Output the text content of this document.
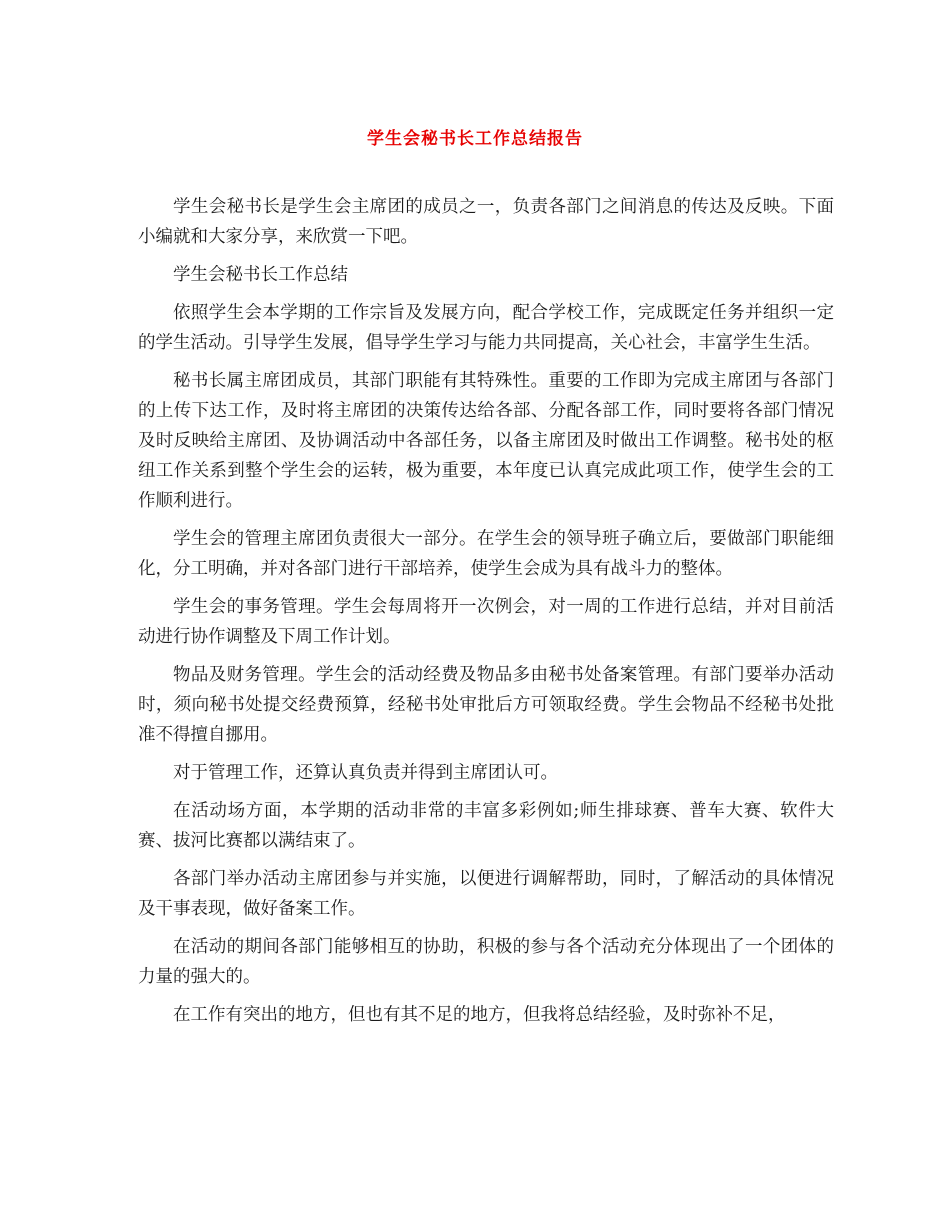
学生会秘书长工作总结报告

学生会秘书长是学生会主席团的成员之一，负责各部门之间消息的传达及反映。下面小编就和大家分享，来欣赏一下吧。

学生会秘书长工作总结

依照学生会本学期的工作宗旨及发展方向，配合学校工作，完成既定任务并组织一定的学生活动。引导学生发展，倡导学生学习与能力共同提高，关心社会，丰富学生生活。

秘书长属主席团成员，其部门职能有其特殊性。重要的工作即为完成主席团与各部门的上传下达工作，及时将主席团的决策传达给各部、分配各部工作，同时要将各部门情况及时反映给主席团、及协调活动中各部任务，以备主席团及时做出工作调整。秘书处的枢纽工作关系到整个学生会的运转，极为重要，本年度已认真完成此项工作，使学生会的工作顺利进行。

学生会的管理主席团负责很大一部分。在学生会的领导班子确立后，要做部门职能细化，分工明确，并对各部门进行干部培养，使学生会成为具有战斗力的整体。

学生会的事务管理。学生会每周将开一次例会，对一周的工作进行总结，并对目前活动进行协作调整及下周工作计划。

物品及财务管理。学生会的活动经费及物品多由秘书处备案管理。有部门要举办活动时，须向秘书处提交经费预算，经秘书处审批后方可领取经费。学生会物品不经秘书处批准不得擅自挪用。

对于管理工作，还算认真负责并得到主席团认可。

在活动场方面，本学期的活动非常的丰富多彩例如;师生排球赛、普车大赛、软件大赛、拔河比赛都以满结束了。

各部门举办活动主席团参与并实施，以便进行调解帮助，同时，了解活动的具体情况及干事表现，做好备案工作。

在活动的期间各部门能够相互的协助，积极的参与各个活动充分体现出了一个团体的力量的强大的。

在工作有突出的地方，但也有其不足的地方，但我将总结经验，及时弥补不足，
